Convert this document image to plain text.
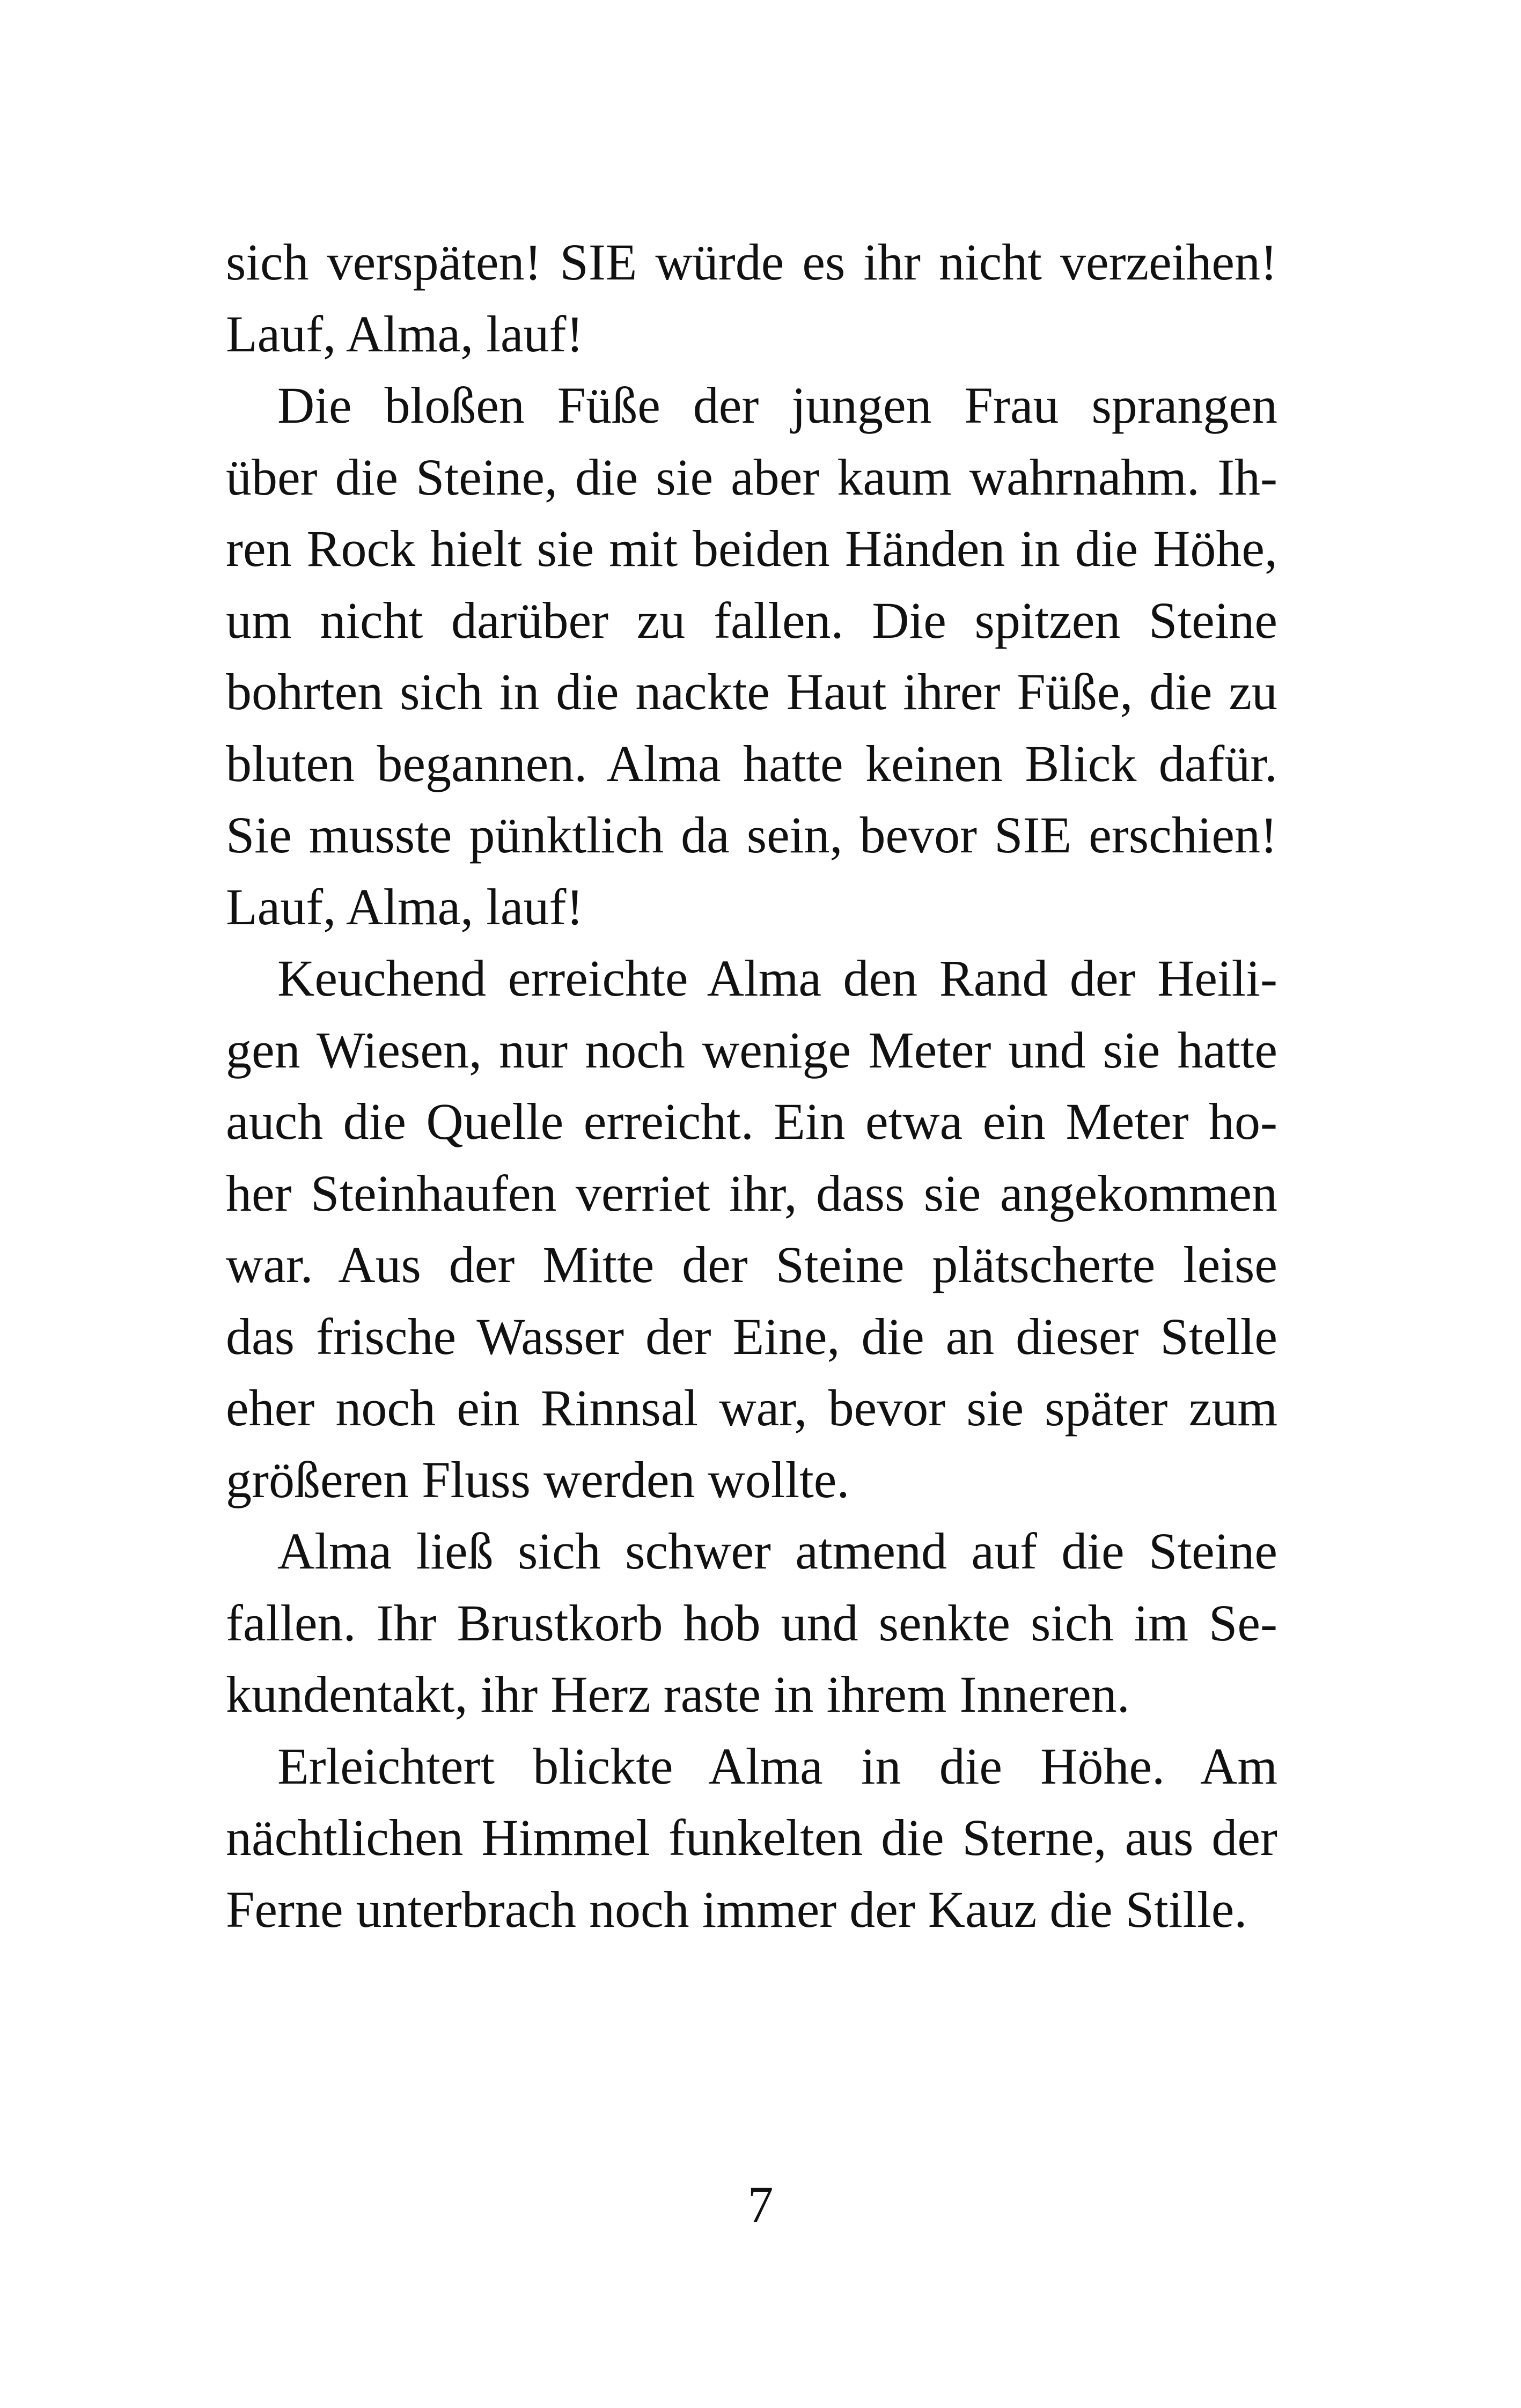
sich verspäten! SIE würde es ihr nicht verzeihen!
Lauf, Alma, lauf!
Die bloßen Füße der jungen Frau sprangen
über die Steine, die sie aber kaum wahrnahm. Ih-
ren Rock hielt sie mit beiden Händen in die Höhe,
um nicht darüber zu fallen. Die spitzen Steine
bohrten sich in die nackte Haut ihrer Füße, die zu
bluten begannen. Alma hatte keinen Blick dafür.
Sie musste pünktlich da sein, bevor SIE erschien!
Lauf, Alma, lauf!
Keuchend erreichte Alma den Rand der Heili-
gen Wiesen, nur noch wenige Meter und sie hatte
auch die Quelle erreicht. Ein etwa ein Meter ho-
her Steinhaufen verriet ihr, dass sie angekommen
war. Aus der Mitte der Steine plätscherte leise
das frische Wasser der Eine, die an dieser Stelle
eher noch ein Rinnsal war, bevor sie später zum
größeren Fluss werden wollte.
Alma ließ sich schwer atmend auf die Steine
fallen. Ihr Brustkorb hob und senkte sich im Se-
kundentakt, ihr Herz raste in ihrem Inneren.
Erleichtert blickte Alma in die Höhe. Am
nächtlichen Himmel funkelten die Sterne, aus der
Ferne unterbrach noch immer der Kauz die Stille.
7
